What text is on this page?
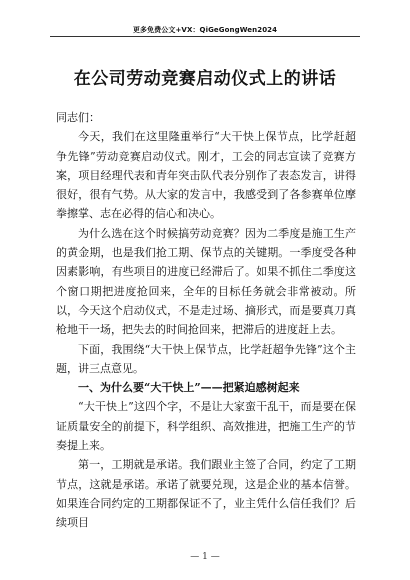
更多免费公文+VX：QiGeGongWen2024
在公司劳动竞赛启动仪式上的讲话

同志们：

今天，我们在这里隆重举行“大干快上保节点，比学赶超争先锋”劳动竞赛启动仪式。刚才，工会的同志宣读了竞赛方案，项目经理代表和青年突击队代表分别作了表态发言，讲得很好，很有气势。从大家的发言中，我感受到了各参赛单位摩拳擦掌、志在必得的信心和决心。

为什么选在这个时候搞劳动竞赛？因为二季度是施工生产的黄金期，也是我们抢工期、保节点的关键期。一季度受各种因素影响，有些项目的进度已经滞后了。如果不抓住二季度这个窗口期把进度抢回来，全年的目标任务就会非常被动。所以，今天这个启动仪式，不是走过场、摘形式，而是要真刀真枪地干一场，把失去的时间抢回来，把滞后的进度赶上去。

下面，我围绕“大干快上保节点，比学赶超争先锋”这个主题，讲三点意见。

一、为什么要“大干快上”——把紧迫感树起来

“大干快上”这四个字，不是让大家蛮干乱干，而是要在保证质量安全的前提下，科学组织、高效推进，把施工生产的节奏提上来。

第一，工期就是承诺。我们跟业主签了合同，约定了工期节点，这就是承诺。承诺了就要兑现，这是企业的基本信誉。如果连合同约定的工期都保证不了，业主凭什么信任我们？后续项目

— 1 —
